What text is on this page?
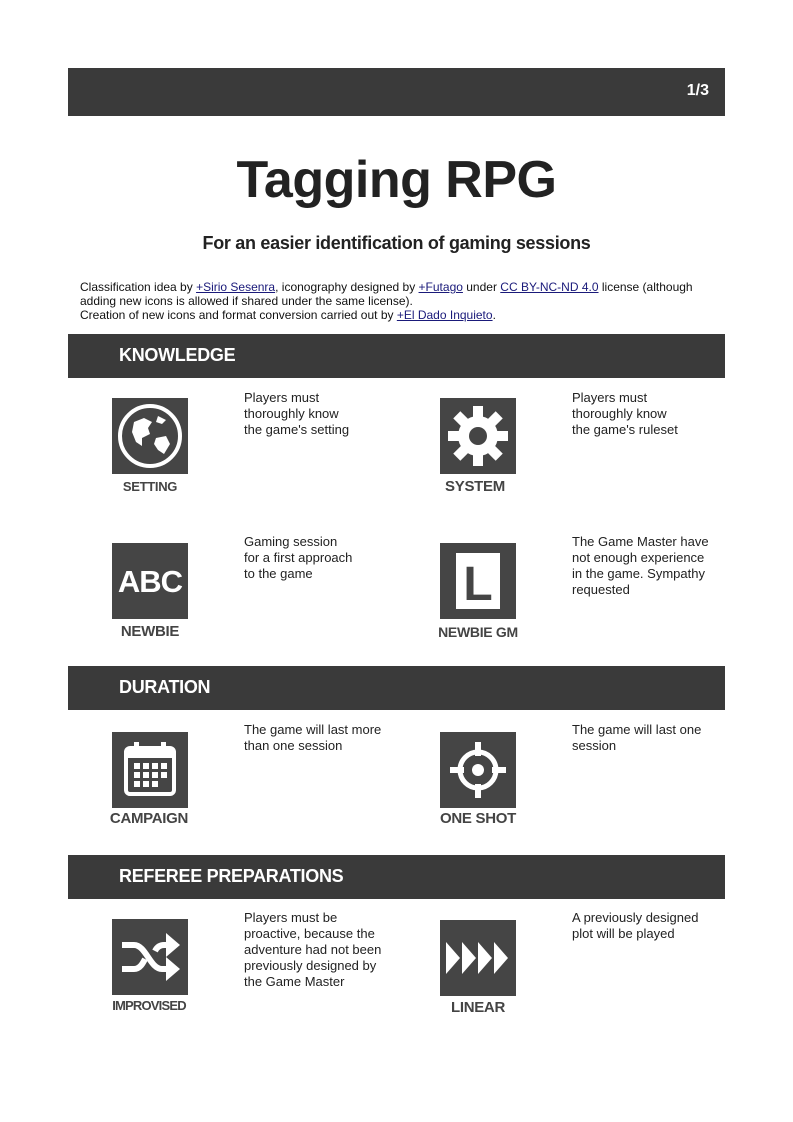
1/3
Tagging RPG
For an easier identification of gaming sessions
Classification idea by +Sirio Sesenra, iconography designed by +Futago under CC BY-NC-ND 4.0 license (although adding new icons is allowed if shared under the same license).
Creation of new icons and format conversion carried out by +El Dado Inquieto.
KNOWLEDGE
SETTING
Players must
thoroughly know
the game's setting
SYSTEM
Players must
thoroughly know
the game's ruleset
ABC
NEWBIE
Gaming session
for a first approach
to the game	L
NEWBIE GM
The Game Master have
not enough experience
in the game. Sympathy
requested
DURATION
CAMPAIGN
The game will last more
than one session
ONE SHOT
The game will last one
session
REFEREE PREPARATIONS
IMPROVISED
Players must be
proactive, because the
adventure had not been
previously designed by
the Game Master
LINEAR
A previously designed
plot will be played
